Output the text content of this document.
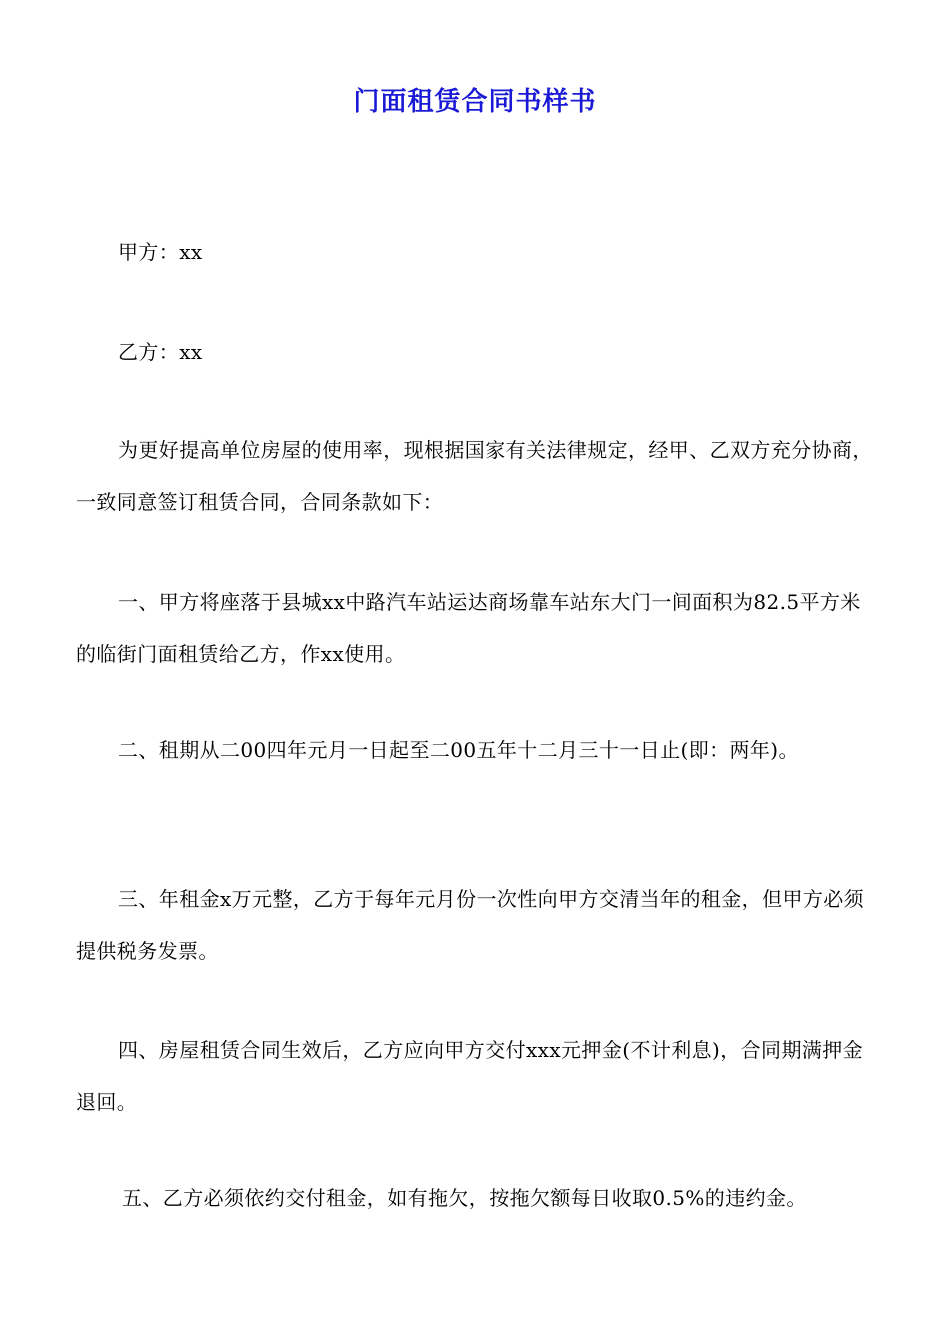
门面租赁合同书样书
甲方：xx
乙方：xx
为更好提高单位房屋的使用率，现根据国家有关法律规定，经甲、乙双方充分协商，一致同意签订租赁合同，合同条款如下：
一、甲方将座落于县城xx中路汽车站运达商场靠车站东大门一间面积为82.5平方米的临街门面租赁给乙方，作xx使用。
二、租期从二00四年元月一日起至二00五年十二月三十一日止(即：两年)。
三、年租金x万元整，乙方于每年元月份一次性向甲方交清当年的租金，但甲方必须提供税务发票。
四、房屋租赁合同生效后，乙方应向甲方交付xxx元押金(不计利息)，合同期满押金退回。
五、乙方必须依约交付租金，如有拖欠，按拖欠额每日收取0.5%的违约金。
